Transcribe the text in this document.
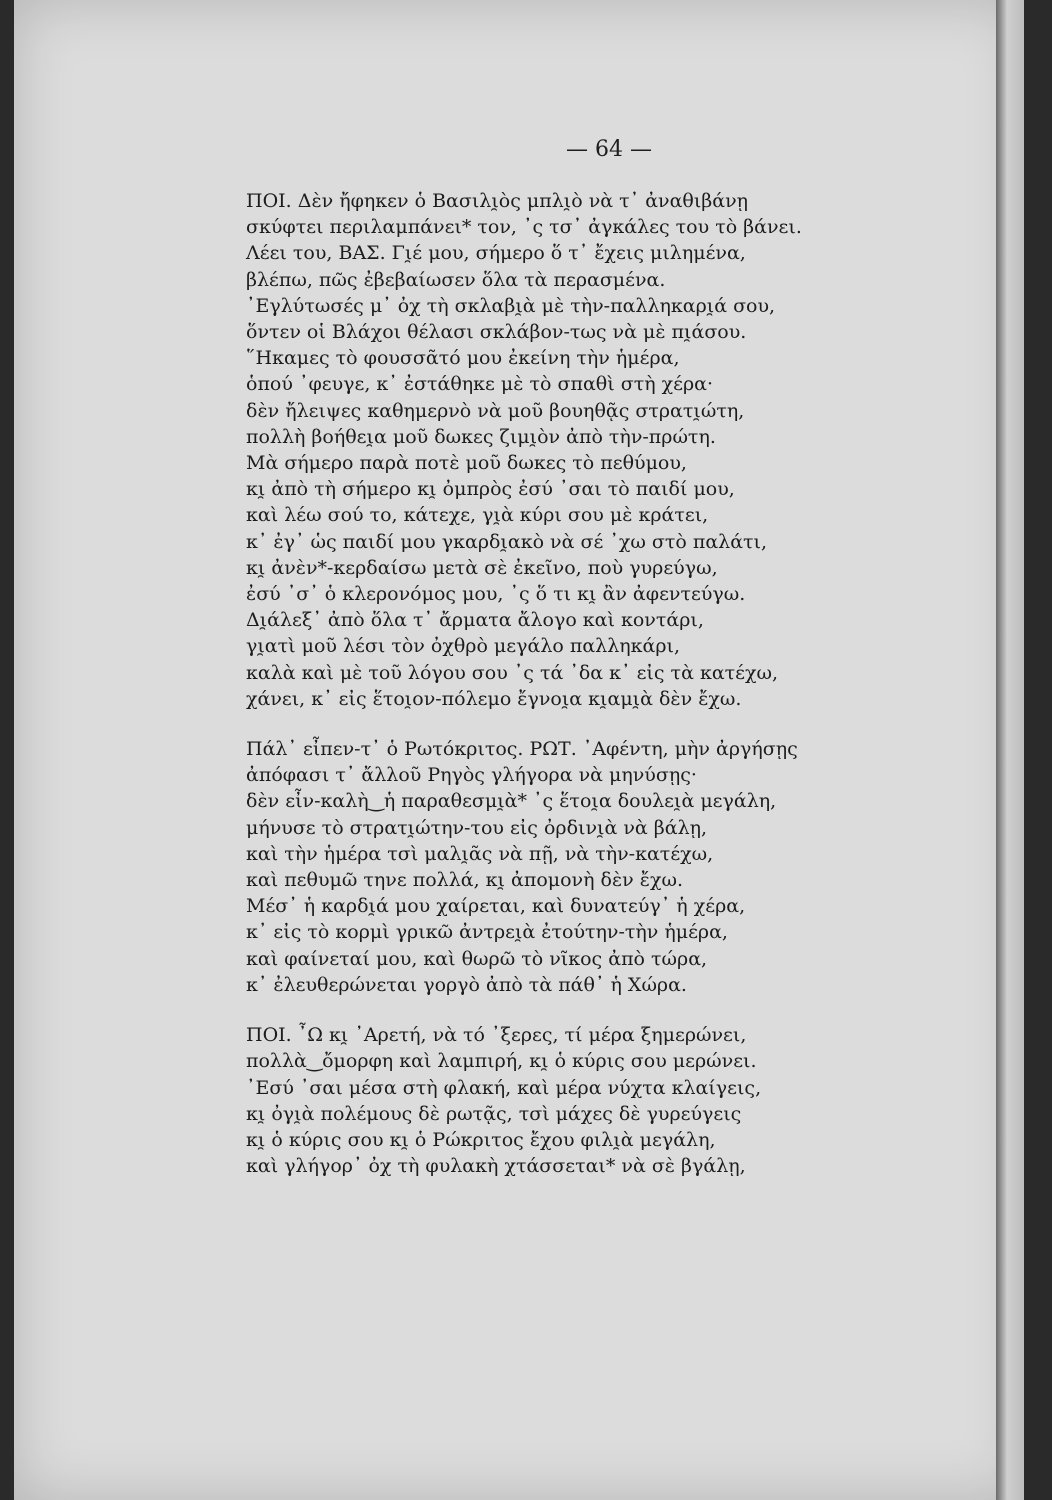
— 64 —
ΠΟΙ. Δὲν ἤφηκεν ὁ Βασιλι̯ὸς μπλι̯ὸ νὰ τ᾽ ἀναθιβάνῃ
σκύφτει περιλαμπάνει* τον, ᾽ς τσ᾽ ἀγκάλες του τὸ βάνει.
Λέει του, ΒΑΣ. Γι̯έ μου, σήμερο ὅ τ᾽ ἔχεις μιλημένα,
βλέπω, πῶς ἐβεβαίωσεν ὅλα τὰ περασμένα.
᾽Εγλύτωσές μ᾽ ὀχ τὴ σκλαβι̯ὰ μὲ τὴν-παλληκαρι̯ά σου,
ὅντεν οἱ Βλάχοι θέλασι σκλάβον-τως νὰ μὲ πι̯άσου.
῞Ηκαμες τὸ φουσσᾶτό μου ἐκείνη τὴν ἡμέρα,
ὁπού ᾽φευγε, κ᾽ ἐστάθηκε μὲ τὸ σπαθὶ στὴ χέρα·
δὲν ἤλειψες καθημερνὸ νὰ μοῦ βουηθᾷς στρατι̯ώτη,
πολλὴ βοήθει̯α μοῦ δωκες ζιμι̯ὸν ἀπὸ τὴν-πρώτη.
Μὰ σήμερο παρὰ ποτὲ μοῦ δωκες τὸ πεθύμου,
κι̯ ἀπὸ τὴ σήμερο κι̯ ὀμπρὸς ἐσύ ᾽σαι τὸ παιδί μου,
καὶ λέω σού το, κάτεχε, γι̯ὰ κύρι σου μὲ κράτει,
κ᾽ ἐγ᾽ ὡς παιδί μου γκαρδι̯ακὸ νὰ σέ ᾽χω στὸ παλάτι,
κι̯ ἀνὲν*-κερδαίσω μετὰ σὲ ἐκεῖνο, ποὺ γυρεύγω,
ἐσύ ᾽σ᾽ ὁ κλερονόμος μου, ᾽ς ὅ τι κι̯ ἂν ἀφεντεύγω.
Δι̯άλεξ᾽ ἀπὸ ὅλα τ᾽ ἄρματα ἄλογο καὶ κοντάρι,
γι̯ατὶ μοῦ λέσι τὸν ὀχθρὸ μεγάλο παλληκάρι,
καλὰ καὶ μὲ τοῦ λόγου σου ᾽ς τά ᾽δα κ᾽ εἰς τὰ κατέχω,
χάνει, κ᾽ εἰς ἕτοι̯ον-πόλεμο ἔγνοι̯α κι̯αμι̯ὰ δὲν ἔχω.
Πάλ᾽ εἶπεν-τ᾽ ὁ Ρωτόκριτος. ΡΩΤ. ᾽Αφέντη, μὴν ἀργήσῃς
ἀπόφασι τ᾽ ἄλλοῦ Ρηγὸς γλήγορα νὰ μηνύσῃς·
δὲν εἶν-καλὴ‿ἡ παραθεσμι̯ὰ* ᾽ς ἕτοι̯α δουλει̯ὰ μεγάλη,
μήνυσε τὸ στρατι̯ώτην-του εἰς ὀρδινι̯ὰ νὰ βάλῃ,
καὶ τὴν ἡμέρα τσὶ μαλι̯ᾶς νὰ πῇ, νὰ τὴν-κατέχω,
καὶ πεθυμῶ τηνε πολλά, κι̯ ἀπομονὴ δὲν ἔχω.
Μέσ᾽ ἡ καρδι̯ά μου χαίρεται, καὶ δυνατεύγ᾽ ἡ χέρα,
κ᾽ εἰς τὸ κορμὶ γρικῶ ἀντρει̯ὰ ἐτούτην-τὴν ἡμέρα,
καὶ φαίνεταί μου, καὶ θωρῶ τὸ νῖκος ἀπὸ τώρα,
κ᾽ ἐλευθερώνεται γοργὸ ἀπὸ τὰ πάθ᾽ ἡ Χώρα.
ΠΟΙ. ῏Ω κι̯ ᾽Αρετή, νὰ τό ᾽ξερες, τί μέρα ξημερώνει,
πολλὰ‿ὄμορφη καὶ λαμπιρή, κι̯ ὁ κύρις σου μερώνει.
᾽Εσύ ᾽σαι μέσα στὴ φλακή, καὶ μέρα νύχτα κλαίγεις,
κι̯ ὀγι̯ὰ πολέμους δὲ ρωτᾷς, τσὶ μάχες δὲ γυρεύγεις
κι̯ ὁ κύρις σου κι̯ ὁ Ρώκριτος ἔχου φιλι̯ὰ μεγάλη,
καὶ γλήγορ᾽ ὀχ τὴ φυλακὴ χτάσσεται* νὰ σὲ βγάλῃ,
